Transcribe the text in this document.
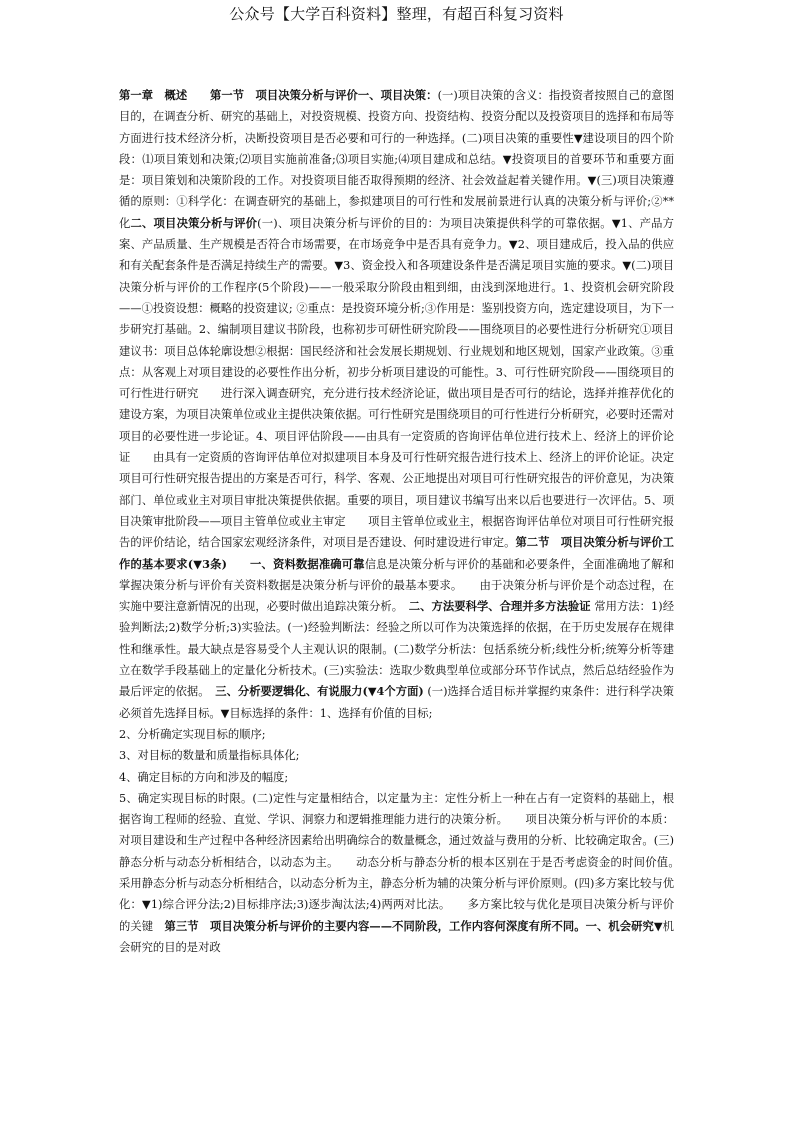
公众号【大学百科资料】整理，有超百科复习资料

第一章　概述　　第一节　项目决策分析与评价一、项目决策：(一)项目决策的含义：指投资者按照自己的意图目的，在调查分析、研究的基础上，对投资规模、投资方向、投资结构、投资分配以及投资项目的选择和布局等方面进行技术经济分析，决断投资项目是否必要和可行的一种选择。(二)项目决策的重要性▼建设项目的四个阶段：⑴项目策划和决策;⑵项目实施前准备;⑶项目实施;⑷项目建成和总结。▼投资项目的首要环节和重要方面是：项目策划和决策阶段的工作。对投资项目能否取得预期的经济、社会效益起着关键作用。▼(三)项目决策遵循的原则：①科学化：在调查研究的基础上，参拟建项目的可行性和发展前景进行认真的决策分析与评价;②**化二、项目决策分析与评价(一)、项目决策分析与评价的目的：为项目决策提供科学的可靠依据。▼1、产品方案、产品质量、生产规模是否符合市场需要，在市场竞争中是否具有竞争力。▼2、项目建成后，投入品的供应和有关配套条件是否满足持续生产的需要。▼3、资金投入和各项建设条件是否满足项目实施的要求。▼(二)项目决策分析与评价的工作程序(5个阶段)——一般采取分阶段由粗到细，由浅到深地进行。1、投资机会研究阶段——①投资设想：概略的投资建议; ②重点：是投资环境分析;③作用是：鉴别投资方向，选定建设项目，为下一步研究打基础。2、编制项目建议书阶段，也称初步可研性研究阶段——围绕项目的必要性进行分析研究①项目建议书：项目总体轮廓设想②根据：国民经济和社会发展长期规划、行业规划和地区规划，国家产业政策。③重点：从客观上对项目建设的必要性作出分析，初步分析项目建设的可能性。3、可行性研究阶段——围绕项目的可行性进行研究　　进行深入调查研究，充分进行技术经济论证，做出项目是否可行的结论，选择并推荐优化的建设方案，为项目决策单位或业主提供决策依据。可行性研究是围绕项目的可行性进行分析研究，必要时还需对项目的必要性进一步论证。4、项目评估阶段——由具有一定资质的咨询评估单位进行技术上、经济上的评价论证　　由具有一定资质的咨询评估单位对拟建项目本身及可行性研究报告进行技术上、经济上的评价论证。决定项目可行性研究报告提出的方案是否可行，科学、客观、公正地提出对项目可行性研究报告的评价意见，为决策部门、单位或业主对项目审批决策提供依据。重要的项目，项目建议书编写出来以后也要进行一次评估。5、项目决策审批阶段——项目主管单位或业主审定　　项目主管单位或业主，根据咨询评估单位对项目可行性研究报告的评价结论，结合国家宏观经济条件，对项目是否建设、何时建设进行审定。第二节　项目决策分析与评价工作的基本要求(▼3条)　　一、资料数据准确可靠信息是决策分析与评价的基础和必要条件，全面准确地了解和掌握决策分析与评价有关资料数据是决策分析与评价的最基本要求。　　由于决策分析与评价是个动态过程，在实施中要注意新情况的出现，必要时做出追踪决策分析。　二、方法要科学、合理并多方法验证 常用方法：1)经验判断法;2)数学分析;3)实验法。(一)经验判断法：经验之所以可作为决策选择的依据，在于历史发展存在规律性和继承性。最大缺点是容易受个人主观认识的限制。(二)数学分析法：包括系统分析;线性分析;统筹分析等建立在数学手段基础上的定量化分析技术。(三)实验法：选取少数典型单位或部分环节作试点，然后总结经验作为最后评定的依据。　三、分析要逻辑化、有说服力(▼4个方面) (一)选择合适目标并掌握约束条件：进行科学决策必须首先选择目标。▼目标选择的条件：1、选择有价值的目标;

2、分析确定实现目标的顺序;

3、对目标的数量和质量指标具体化;

4、确定目标的方向和涉及的幅度;

5、确定实现目标的时限。(二)定性与定量相结合，以定量为主：定性分析上一种在占有一定资料的基础上，根据咨询工程师的经验、直觉、学识、洞察力和逻辑推理能力进行的决策分析。　　项目决策分析与评价的本质：对项目建设和生产过程中各种经济因素给出明确综合的数量概念，通过效益与费用的分析、比较确定取舍。(三)静态分析与动态分析相结合，以动态为主。　　动态分析与静态分析的根本区别在于是否考虑资金的时间价值。　　采用静态分析与动态分析相结合，以动态分析为主，静态分析为辅的决策分析与评价原则。(四)多方案比较与优化：▼1)综合评分法;2)目标排序法;3)逐步淘汰法;4)两两对比法。　　多方案比较与优化是项目决策分析与评价的关键　第三节　项目决策分析与评价的主要内容——不同阶段，工作内容何深度有所不同。一、机会研究▼机会研究的目的是对政
